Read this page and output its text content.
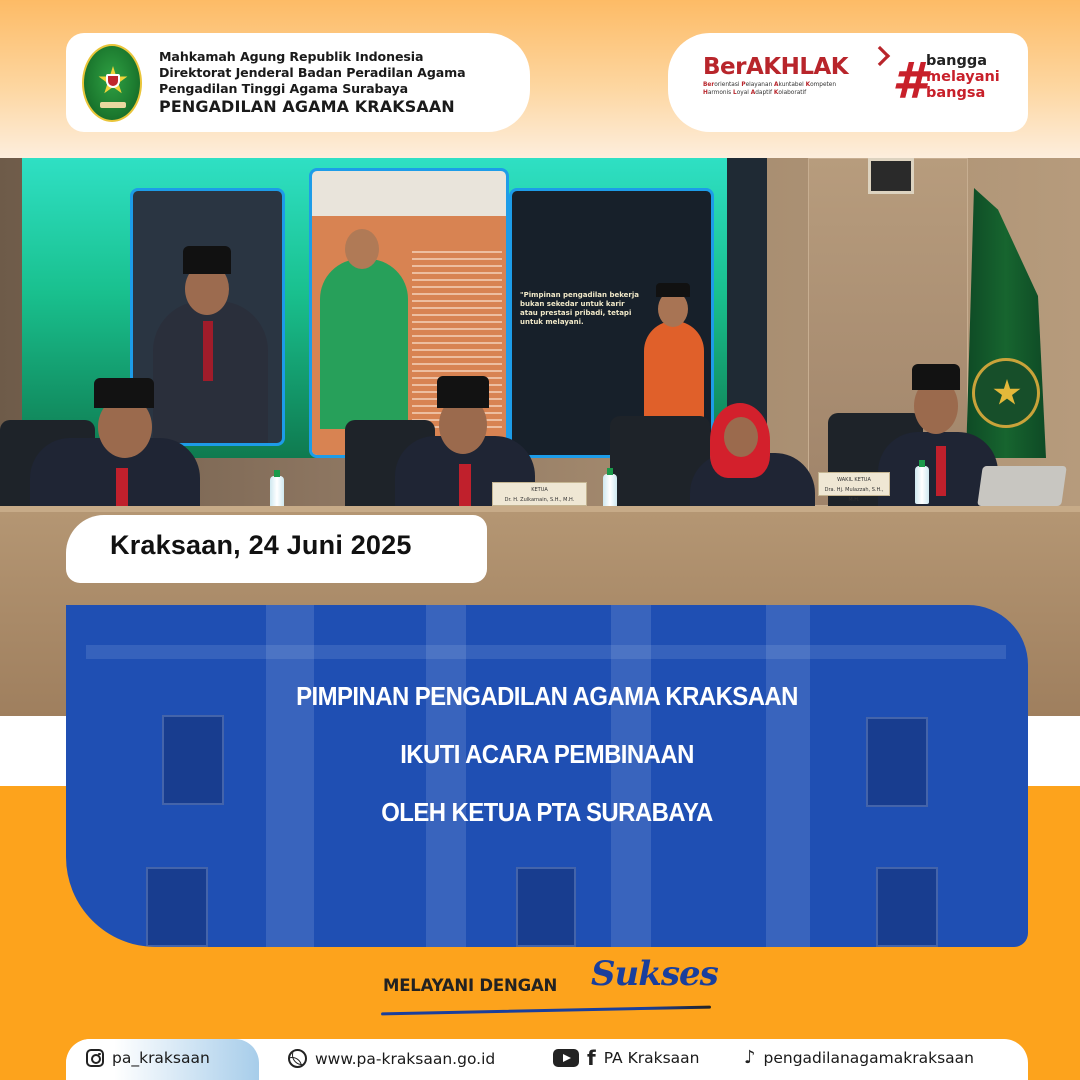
Mahkamah Agung Republik Indonesia
Direktorat Jenderal Badan Peradilan Agama
Pengadilan Tinggi Agama Surabaya
PENGADILAN AGAMA KRAKSAAN
BerAKHLAK
Berorientasi Pelayanan Akuntabel Kompeten
Harmonis Loyal Adaptif Kolaboratif	# bangga
melayani
bangsa
"Pimpinan pengadilan bekerja bukan sekedar untuk karir atau prestasi pribadi, tetapi untuk melayani.
KETUA
Dr. H. Zulkarnain, S.H., M.H.
WAKIL KETUA
Dra. Hj. Mulazzah, S.H., M.H.
Kraksaan, 24 Juni 2025
PIMPINAN PENGADILAN AGAMA KRAKSAAN
IKUTI ACARA PEMBINAAN
OLEH KETUA PTA SURABAYA
MELAYANI DENGAN Sukses
pa_kraksaan	www.pa-kraksaan.go.id	f PA Kraksaan ♪ pengadilanagamakraksaan
